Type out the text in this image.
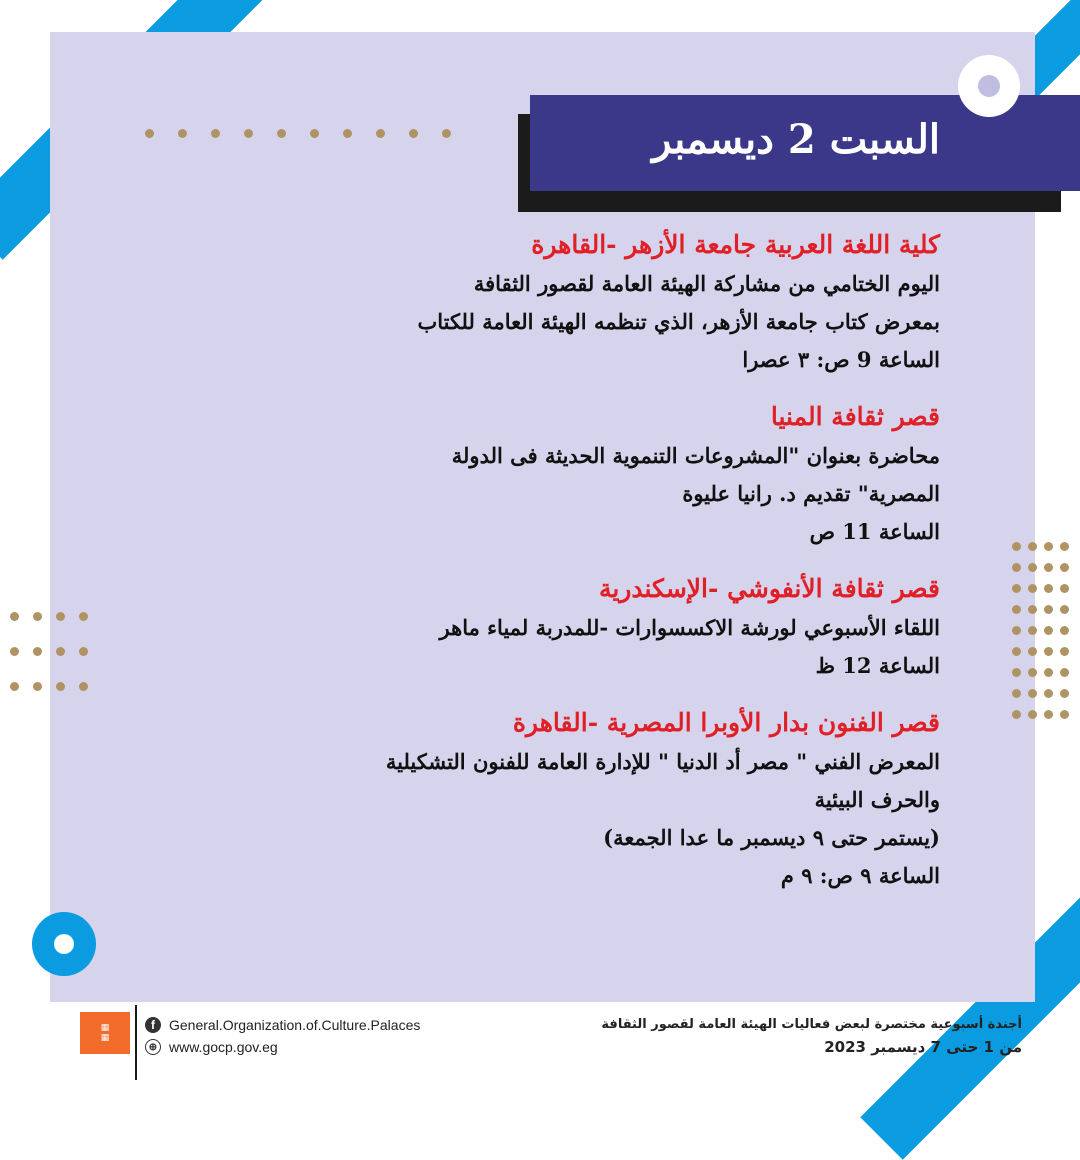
السبت 2 ديسمبر
كلية اللغة العربية جامعة الأزهر -القاهرة
اليوم الختامي من مشاركة الهيئة العامة لقصور الثقافة
بمعرض كتاب جامعة الأزهر، الذي تنظمه الهيئة العامة للكتاب
الساعة 9 ص: ٣ عصرا
قصر ثقافة المنيا
محاضرة بعنوان "المشروعات التنموية الحديثة فى الدولة
المصرية" تقديم د. رانيا عليوة
الساعة 11 ص
قصر ثقافة الأنفوشي -الإسكندرية
اللقاء الأسبوعي لورشة الاكسسوارات -للمدربة لمياء ماهر
الساعة 12 ظ
قصر الفنون بدار الأوبرا المصرية -القاهرة
المعرض الفني " مصر أد الدنيا " للإدارة العامة للفنون التشكيلية
والحرف البيئية
(يستمر حتى ٩ ديسمبر ما عدا الجمعة)
الساعة ٩ ص: ٩ م
▦
▦
f	General.Organization.of.Culture.Palaces
⊕ www.gocp.gov.eg
أجندة أسبوعية مختصرة لبعض فعاليات الهيئة العامة لقصور الثقافة
من 1 حتى 7 ديسمبر 2023
